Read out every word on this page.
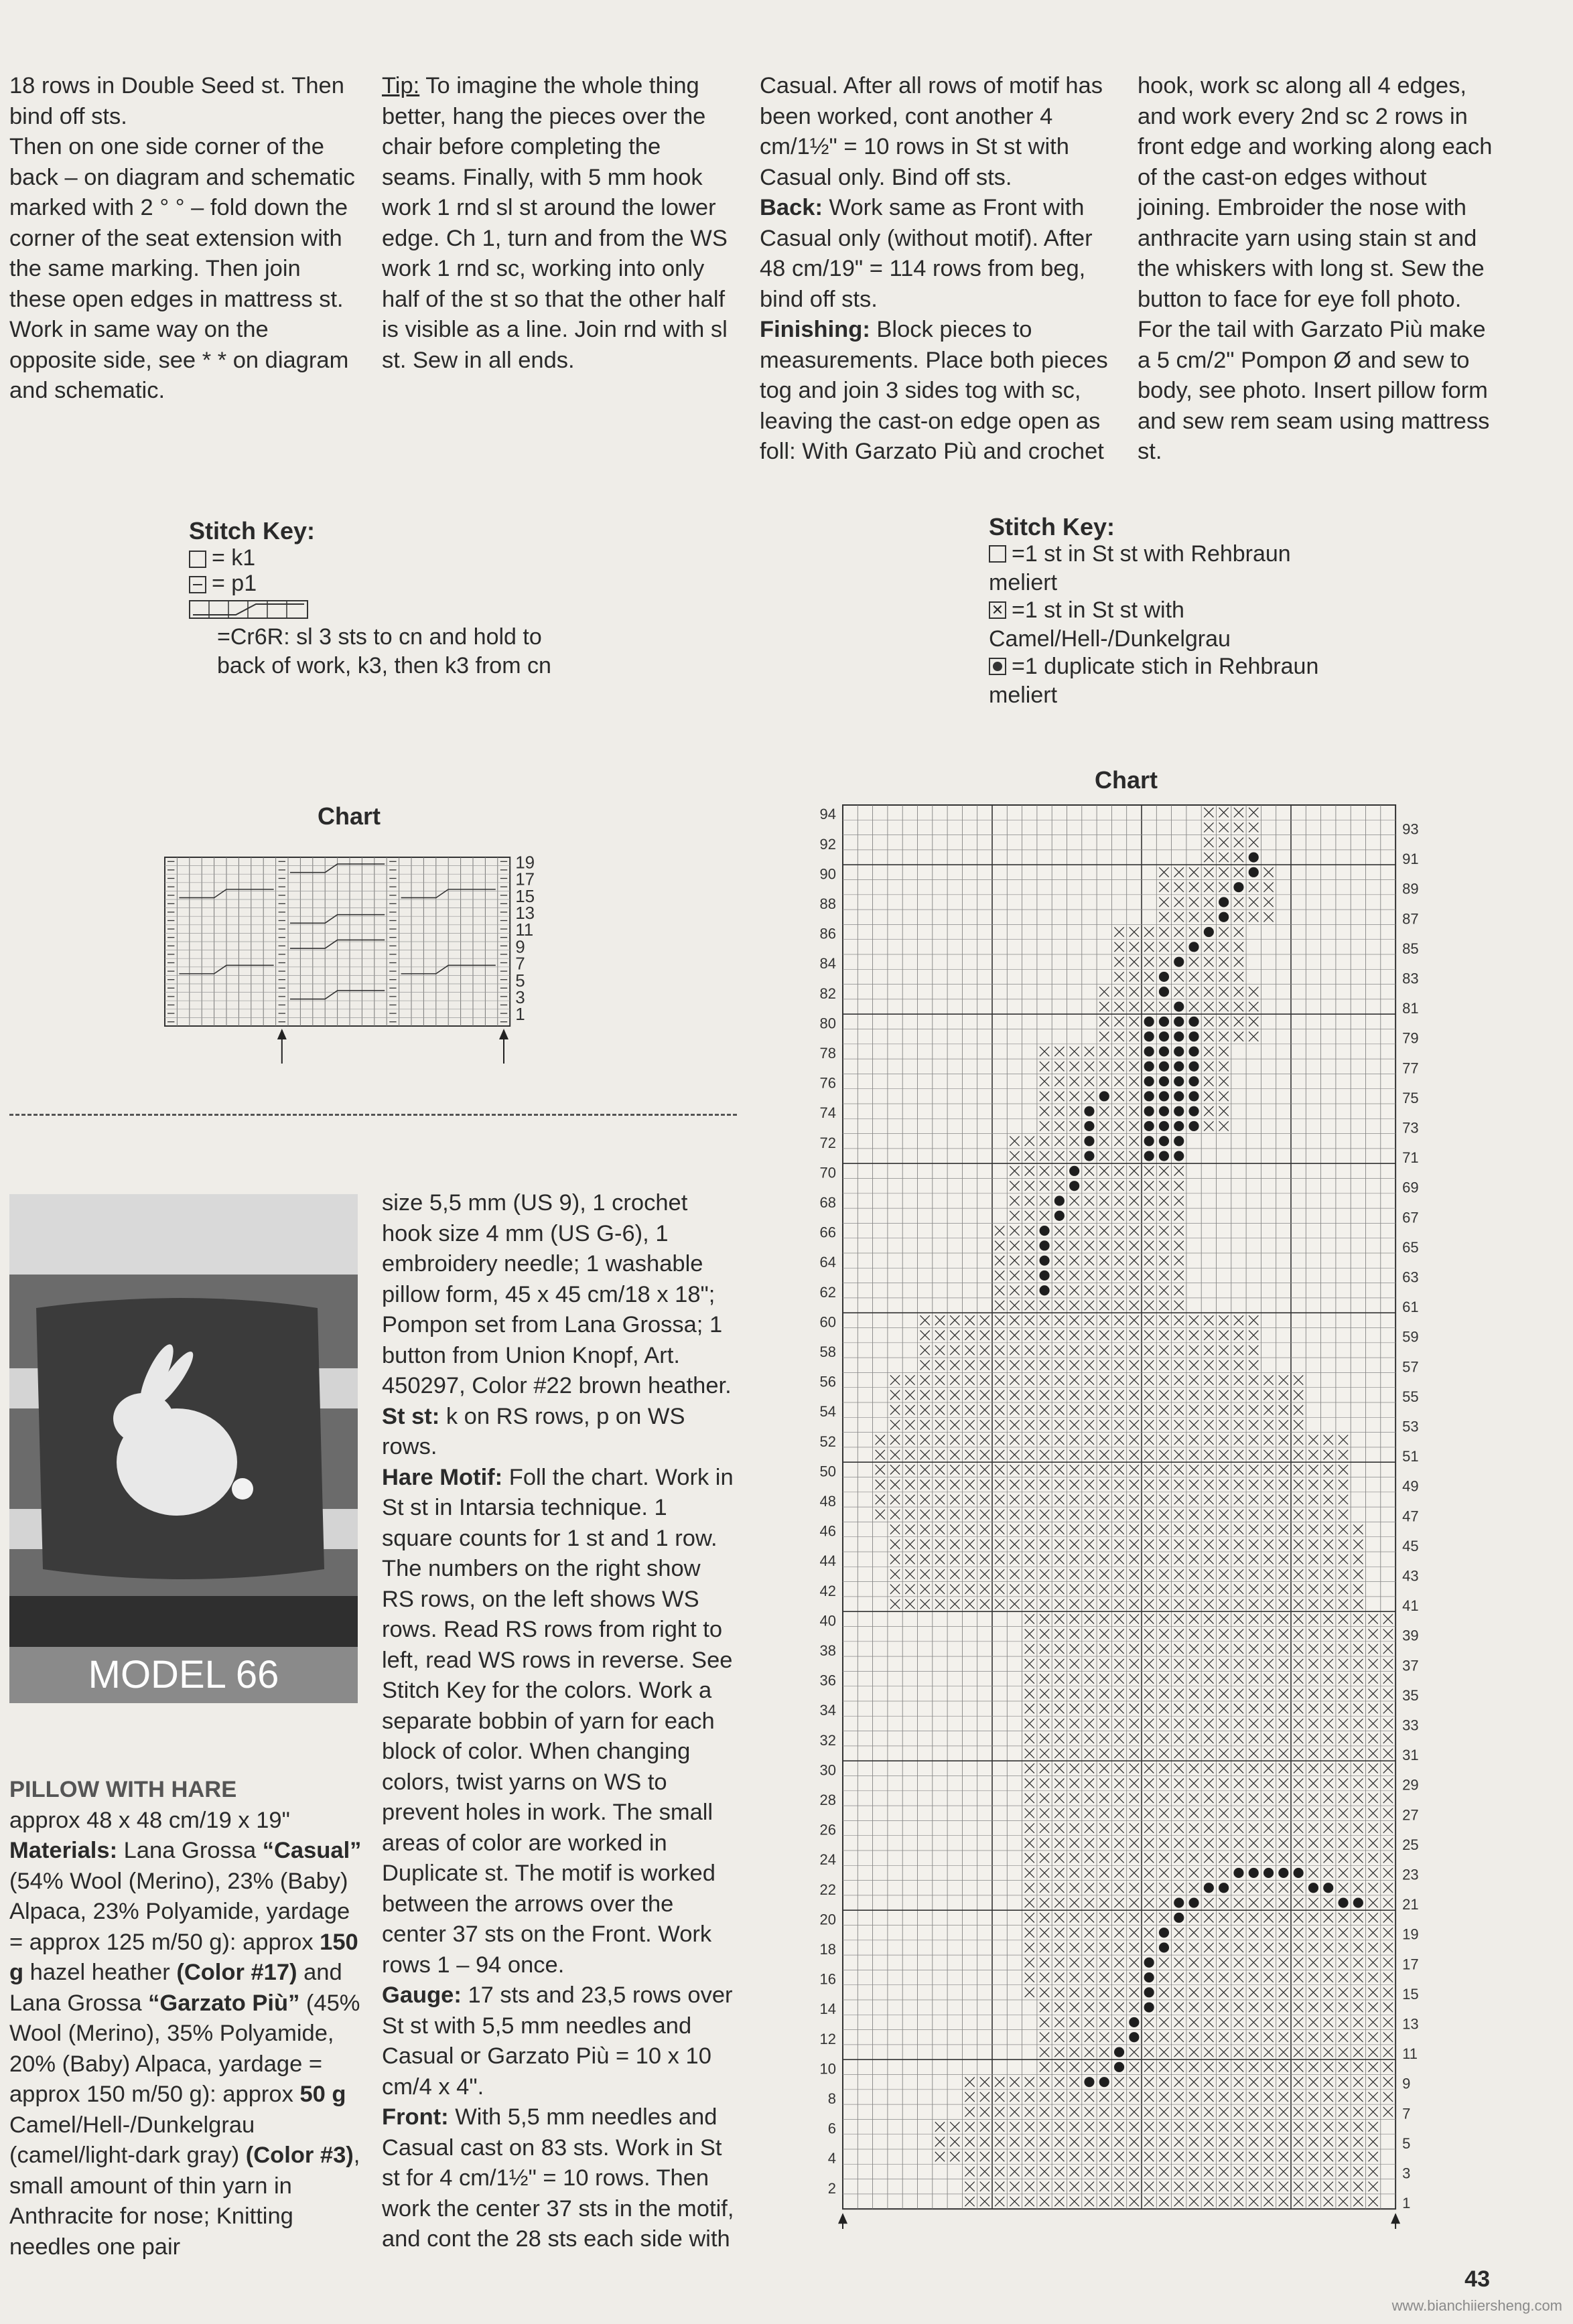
18 rows in Double Seed st. Then bind off sts.

Then on one side corner of the back – on diagram and schematic marked with 2 ° ° – fold down the corner of the seat extension with the same marking. Then join these open edges in mattress st. Work in same way on the opposite side, see * * on diagram and schematic.

Tip: To imagine the whole thing better, hang the pieces over the chair before completing the seams. Finally, with 5 mm hook work 1 rnd sl st around the lower edge. Ch 1, turn and from the WS work 1 rnd sc, working into only half of the st so that the other half is visible as a line. Join rnd with sl st. Sew in all ends.

Casual. After all rows of motif has been worked, cont another 4 cm/1½" = 10 rows in St st with Casual only. Bind off sts.

Back: Work same as Front with Casual only (without motif). After 48 cm/19" = 114 rows from beg, bind off sts.

Finishing: Block pieces to measurements. Place both pieces tog and join 3 sides tog with sc, leaving the cast-on edge open as foll: With Garzato Più and crochet

hook, work sc along all 4 edges, and work every 2nd sc 2 rows in front edge and working along each of the cast-on edges without joining. Embroider the nose with anthracite yarn using stain st and the whiskers with long st. Sew the button to face for eye foll photo. For the tail with Garzato Più make a 5 cm/2" Pompon Ø and sew to body, see photo. Insert pillow form and sew rem seam using mattress st.

Stitch Key:
= k1
= p1
=Cr6R: sl 3 sts to cn and hold to back of work, k3, then k3 from cn
Chart
19
17
15
13
11
9
7
5
3
1
Stitch Key:
=1 st in St st with Rehbraun meliert
✕ =1 st in St st with Camel/Hell-/Dunkelgrau
=1 duplicate stich in Rehbraun meliert
Chart
94
92
90
88
86
84
82
80
78
76
74
72
70
68
66
64
62
60
58
56
54
52
50
48
46
44
42
40
38
36
34
32
30
28
26
24
22
20
18
16
14
12
10
8
6
4
2
93
91
89
87
85
83
81
79
77
75
73
71
69
67
65
63
61
59
57
55
53
51
49
47
45
43
41
39
37
35
33
31
29
27
25
23
21
19
17
15
13
11
9
7
5
3
1
MODEL 66

PILLOW WITH HARE

approx 48 x 48 cm/19 x 19"

Materials: Lana Grossa “Casual” (54% Wool (Merino), 23% (Baby) Alpaca, 23% Polyamide, yardage = approx 125 m/50 g): approx 150 g hazel heather (Color #17) and Lana Grossa “Garzato Più” (45% Wool (Merino), 35% Polyamide, 20% (Baby) Alpaca, yardage = approx 150 m/50 g): approx 50 g Camel/Hell-/Dunkelgrau (camel/light-dark gray) (Color #3), small amount of thin yarn in Anthracite for nose; Knitting needles one pair

size 5,5 mm (US 9), 1 crochet hook size 4 mm (US G-6), 1 embroidery needle; 1 washable pillow form, 45 x 45 cm/18 x 18"; Pompon set from Lana Grossa; 1 button from Union Knopf, Art. 450297, Color #22 brown heather.

St st: k on RS rows, p on WS rows.

Hare Motif: Foll the chart. Work in St st in Intarsia technique. 1 square counts for 1 st and 1 row. The numbers on the right show RS rows, on the left shows WS rows. Read RS rows from right to left, read WS rows in reverse. See Stitch Key for the colors. Work a separate bobbin of yarn for each block of color. When changing colors, twist yarns on WS to prevent holes in work. The small areas of color are worked in Duplicate st. The motif is worked between the arrows over the center 37 sts on the Front. Work rows 1 – 94 once.

Gauge: 17 sts and 23,5 rows over St st with 5,5 mm needles and Casual or Garzato Più = 10 x 10 cm/4 x 4".

Front: With 5,5 mm needles and Casual cast on 83 sts. Work in St st for 4 cm/1½" = 10 rows. Then work the center 37 sts in the motif, and cont the 28 sts each side with

43
www.bianchiiersheng.com
